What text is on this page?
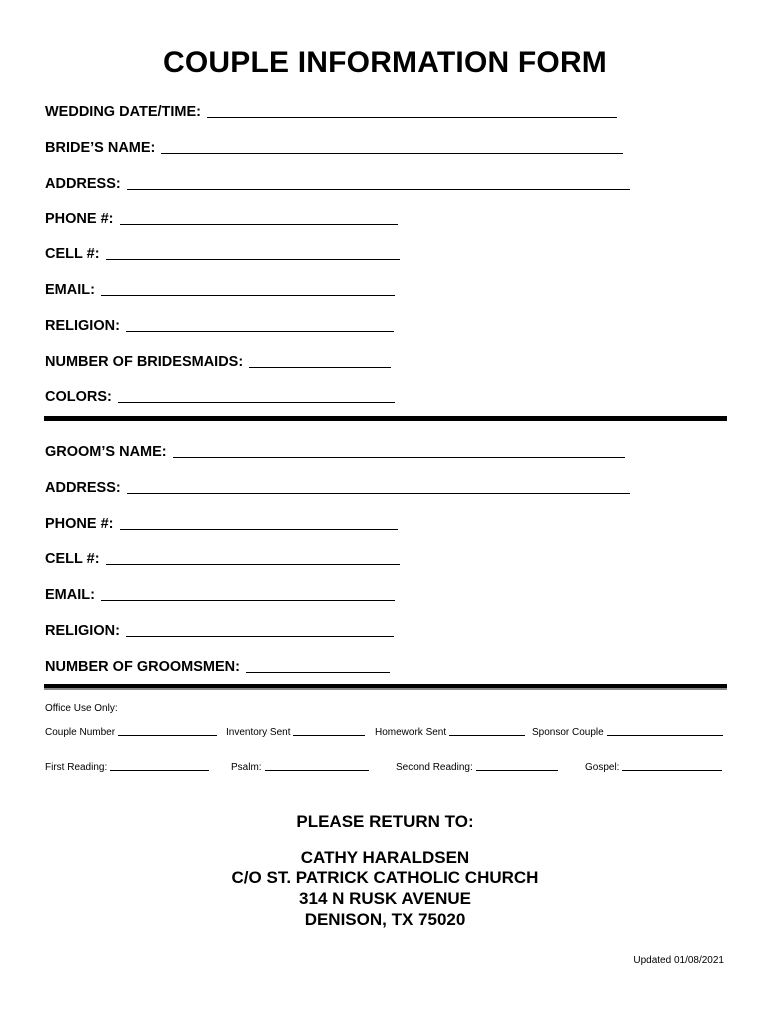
COUPLE INFORMATION FORM
WEDDING DATE/TIME:
BRIDE’S NAME:
ADDRESS:
PHONE #:
CELL #:
EMAIL:
RELIGION:
NUMBER OF BRIDESMAIDS:
COLORS:
GROOM’S NAME:
ADDRESS:
PHONE #:
CELL #:
EMAIL:
RELIGION:
NUMBER OF GROOMSMEN:
Office Use Only:
Couple Number	Inventory Sent	Homework Sent	Sponsor Couple
First Reading:	Psalm:	Second Reading:	Gospel:
PLEASE RETURN TO:
CATHY HARALDSEN
C/O ST. PATRICK CATHOLIC CHURCH
314 N RUSK AVENUE
DENISON, TX 75020
Updated 01/08/2021
